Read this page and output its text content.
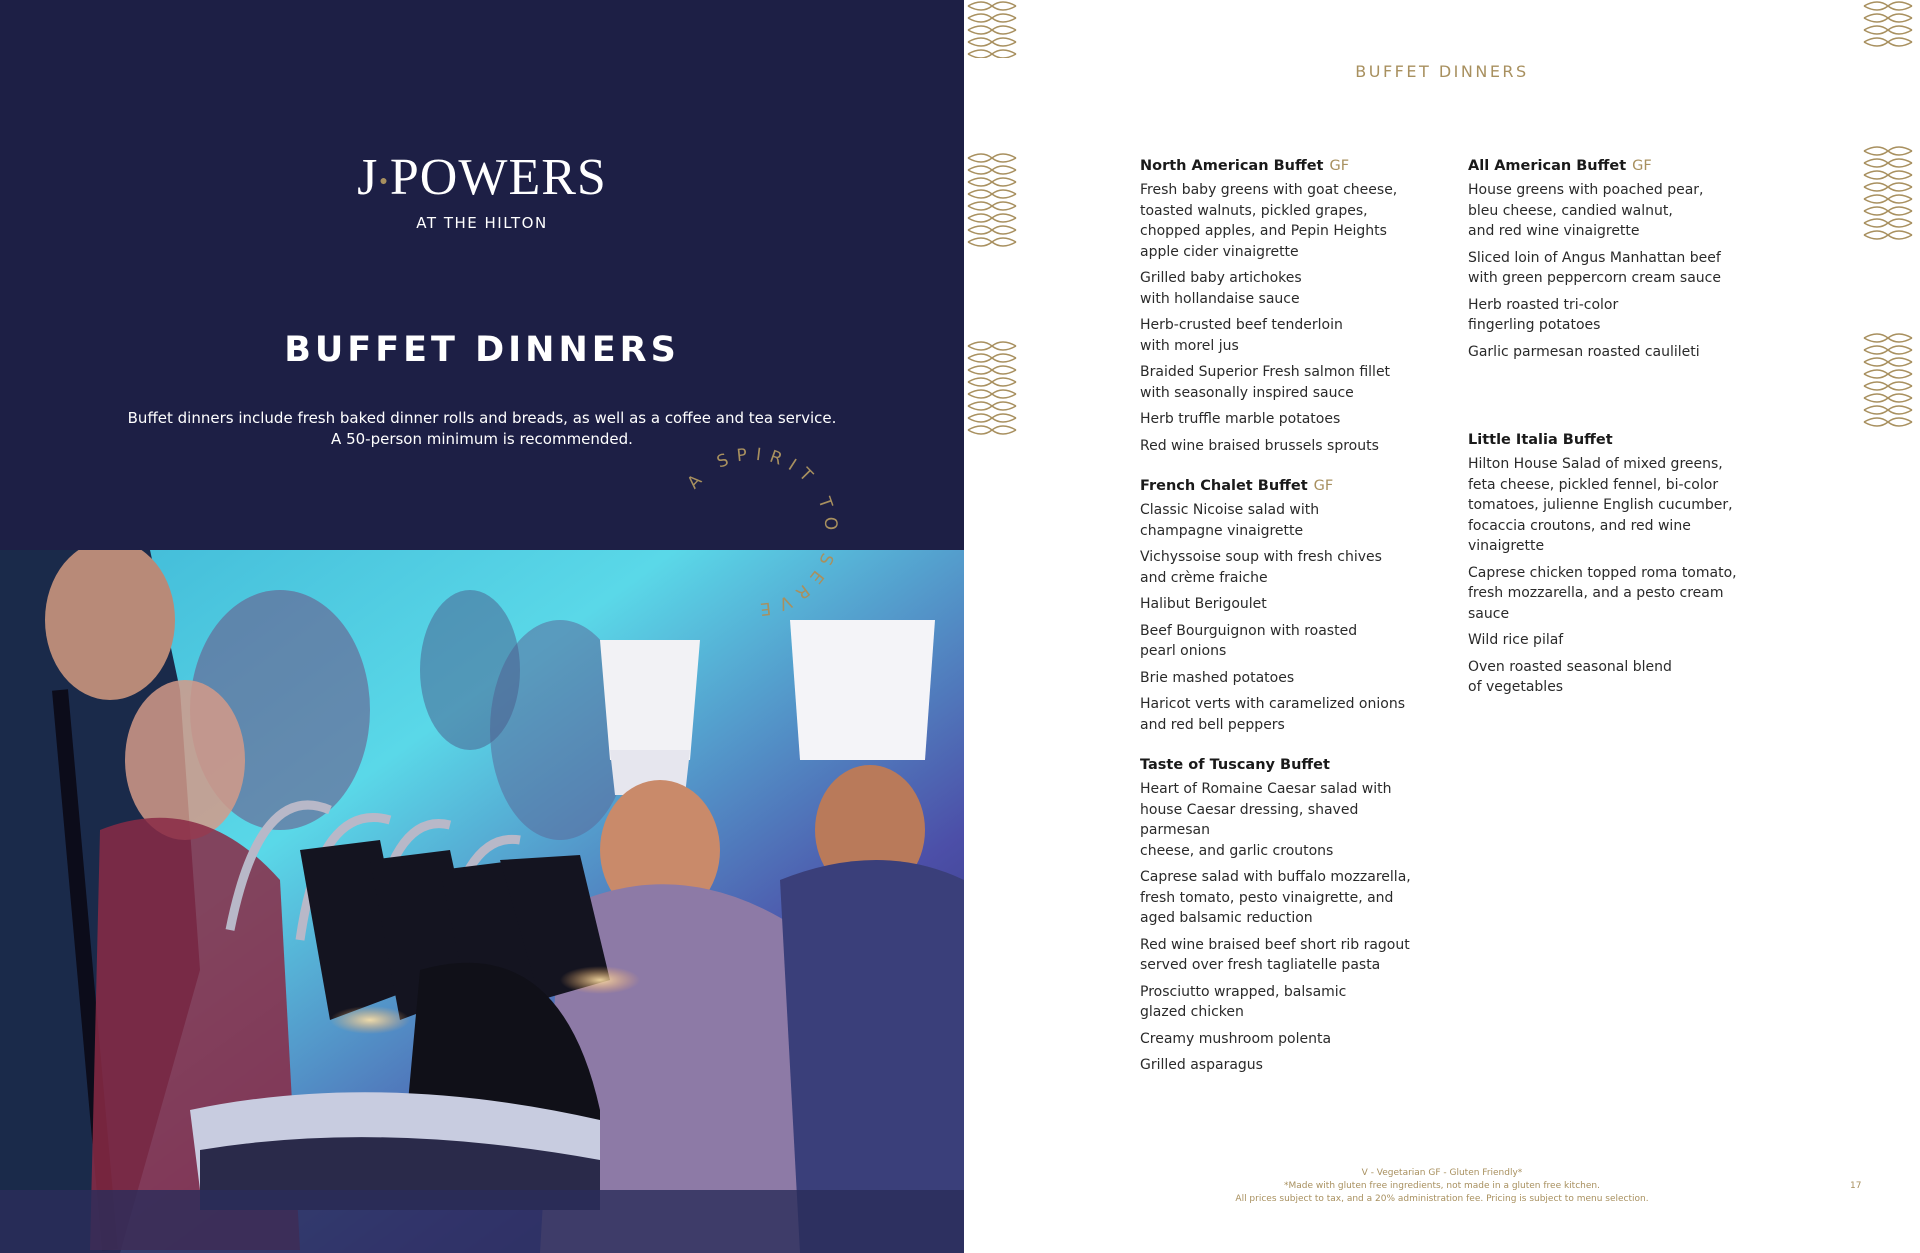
J●POWERS
AT THE HILTON
BUFFET DINNERS
Buffet dinners include fresh baked dinner rolls and breads, as well as a coffee and tea service.
A 50-person minimum is recommended.
A SPIRIT TO SERVE
BUFFET DINNERS
North American Buffet GF
Fresh baby greens with goat cheese,
toasted walnuts, pickled grapes,
chopped apples, and Pepin Heights
apple cider vinaigrette
Grilled baby artichokes
with hollandaise sauce
Herb-crusted beef tenderloin
with morel jus
Braided Superior Fresh salmon fillet
with seasonally inspired sauce
Herb truffle marble potatoes
Red wine braised brussels sprouts
French Chalet Buffet GF
Classic Nicoise salad with
champagne vinaigrette
Vichyssoise soup with fresh chives
and crème fraiche
Halibut Berigoulet
Beef Bourguignon with roasted
pearl onions
Brie mashed potatoes
Haricot verts with caramelized onions
and red bell peppers
Taste of Tuscany Buffet
Heart of Romaine Caesar salad with
house Caesar dressing, shaved parmesan
cheese, and garlic croutons
Caprese salad with buffalo mozzarella,
fresh tomato, pesto vinaigrette, and
aged balsamic reduction
Red wine braised beef short rib ragout
served over fresh tagliatelle pasta
Prosciutto wrapped, balsamic
glazed chicken
Creamy mushroom polenta
Grilled asparagus
All American Buffet GF
House greens with poached pear,
bleu cheese, candied walnut,
and red wine vinaigrette
Sliced loin of Angus Manhattan beef
with green peppercorn cream sauce
Herb roasted tri-color
fingerling potatoes
Garlic parmesan roasted caulileti
Little Italia Buffet
Hilton House Salad of mixed greens,
feta cheese, pickled fennel, bi-color
tomatoes, julienne English cucumber,
focaccia croutons, and red wine
vinaigrette
Caprese chicken topped roma tomato,
fresh mozzarella, and a pesto cream
sauce
Wild rice pilaf
Oven roasted seasonal blend
of vegetables
V - Vegetarian GF - Gluten Friendly*
*Made with gluten free ingredients, not made in a gluten free kitchen.
All prices subject to tax, and a 20% administration fee. Pricing is subject to menu selection.
17
